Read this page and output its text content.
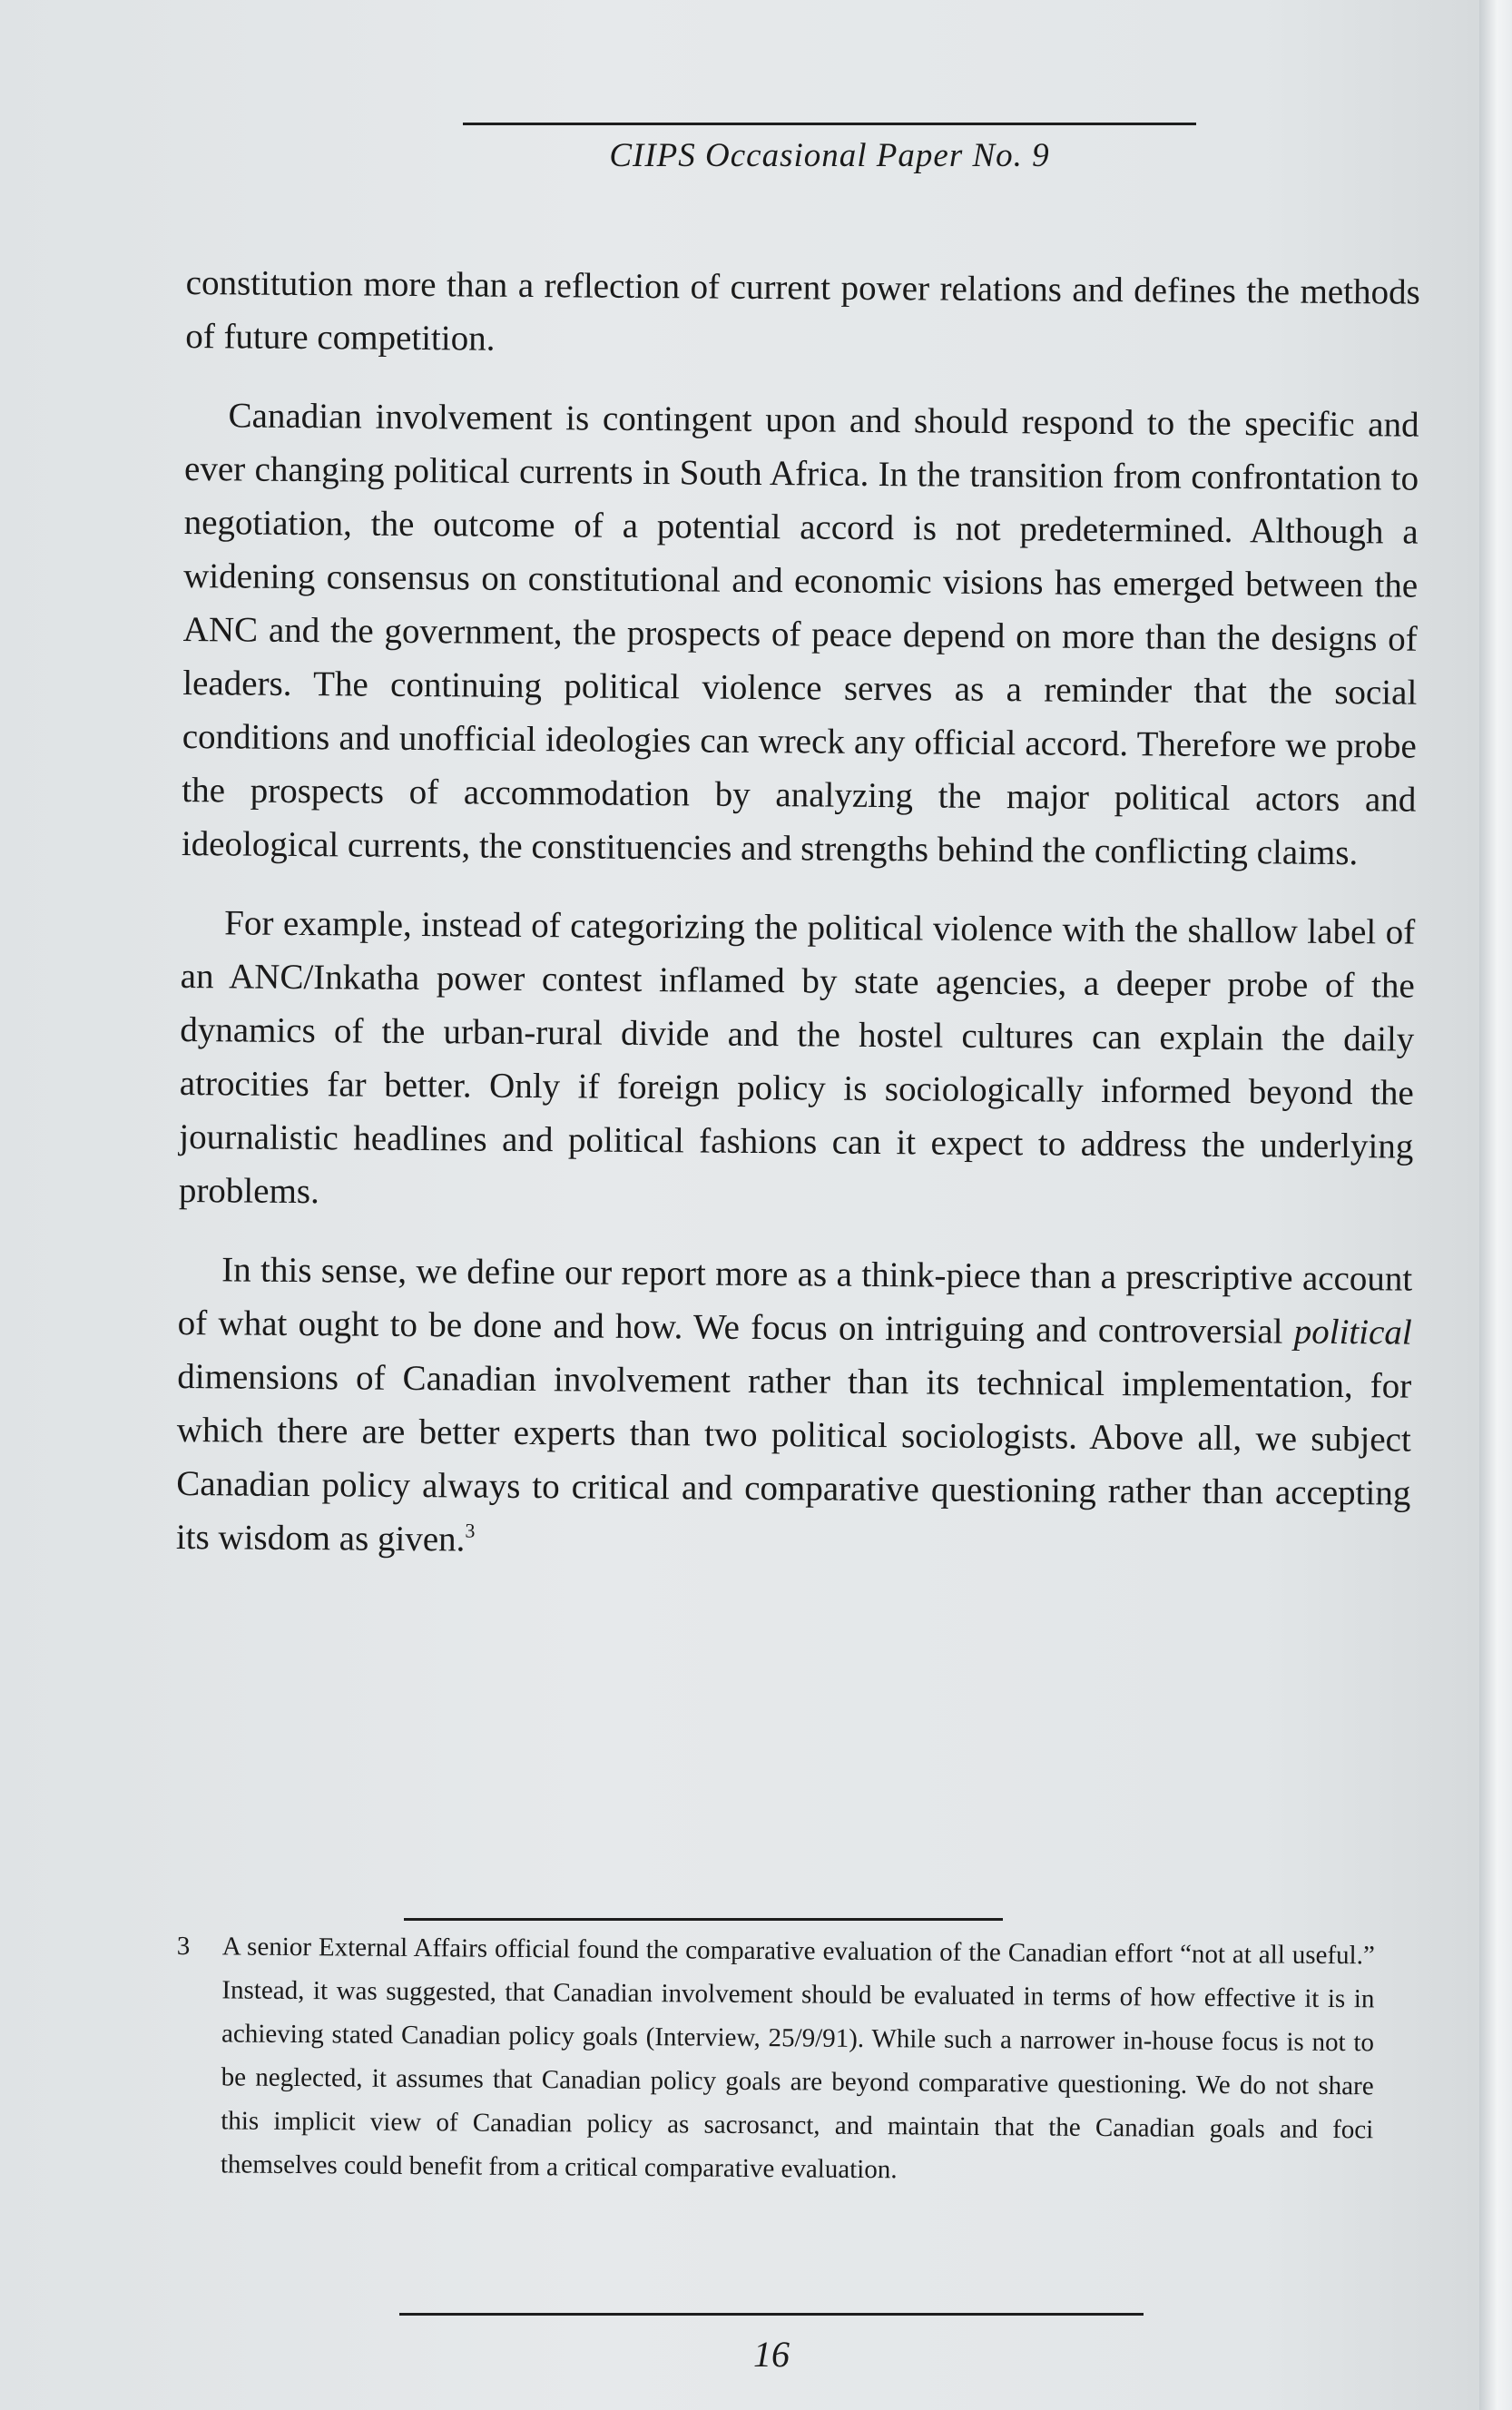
CIIPS Occasional Paper No. 9

constitution more than a reflection of current power relations and defines the methods of future competition.

Canadian involvement is contingent upon and should respond to the specific and ever changing political currents in South Africa. In the transition from confrontation to negotiation, the outcome of a potential accord is not predetermined. Although a widening consensus on constitutional and economic visions has emerged between the ANC and the government, the prospects of peace depend on more than the designs of leaders. The continuing political violence serves as a reminder that the social conditions and unofficial ideologies can wreck any official accord. Therefore we probe the prospects of accommodation by analyzing the major political actors and ideological currents, the constituencies and strengths behind the conflicting claims.

For example, instead of categorizing the political violence with the shallow label of an ANC/Inkatha power contest inflamed by state agencies, a deeper probe of the dynamics of the urban-rural divide and the hostel cultures can explain the daily atrocities far better. Only if foreign policy is sociologically informed beyond the journalistic headlines and political fashions can it expect to address the underlying problems.

In this sense, we define our report more as a think-piece than a prescriptive account of what ought to be done and how. We focus on intriguing and controversial political dimensions of Canadian involvement rather than its technical implementation, for which there are better experts than two political sociologists. Above all, we subject Canadian policy always to critical and comparative questioning rather than accepting its wisdom as given.$^3$

3 A senior External Affairs official found the comparative evaluation of the Canadian effort “not at all useful.” Instead, it was suggested, that Canadian involvement should be evaluated in terms of how effective it is in achieving stated Canadian policy goals (Interview, 25/9/91). While such a narrower in-house focus is not to be neglected, it assumes that Canadian policy goals are beyond comparative questioning. We do not share this implicit view of Canadian policy as sacrosanct, and maintain that the Canadian goals and foci themselves could benefit from a critical comparative evaluation.
16
